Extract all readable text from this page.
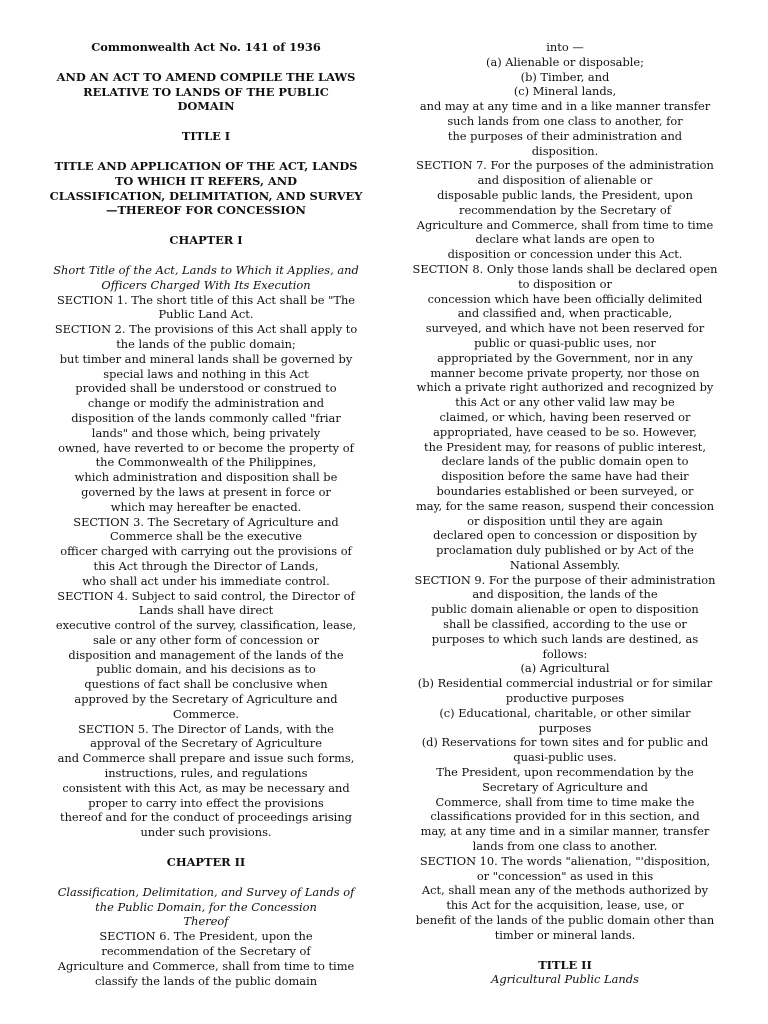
Commonwealth Act No. 141 of 1936
AND AN ACT TO AMEND COMPILE THE LAWS
RELATIVE TO LANDS OF THE PUBLIC
DOMAIN
TITLE I
TITLE AND APPLICATION OF THE ACT, LANDS
TO WHICH IT REFERS, AND
CLASSIFICATION, DELIMITATION, AND SURVEY
—THEREOF FOR CONCESSION
CHAPTER I
Short Title of the Act, Lands to Which it Applies, and
Officers Charged With Its Execution
SECTION 1. The short title of this Act shall be "The
Public Land Act.
SECTION 2. The provisions of this Act shall apply to
the lands of the public domain;
but timber and mineral lands shall be governed by
special laws and nothing in this Act
provided shall be understood or construed to
change or modify the administration and
disposition of the lands commonly called "friar
lands" and those which, being privately
owned, have reverted to or become the property of
the Commonwealth of the Philippines,
which administration and disposition shall be
governed by the laws at present in force or
which may hereafter be enacted.
SECTION 3. The Secretary of Agriculture and
Commerce shall be the executive
officer charged with carrying out the provisions of
this Act through the Director of Lands,
who shall act under his immediate control.
SECTION 4. Subject to said control, the Director of
Lands shall have direct
executive control of the survey, classification, lease,
sale or any other form of concession or
disposition and management of the lands of the
public domain, and his decisions as to
questions of fact shall be conclusive when
approved by the Secretary of Agriculture and
Commerce.
SECTION 5. The Director of Lands, with the
approval of the Secretary of Agriculture
and Commerce shall prepare and issue such forms,
instructions, rules, and regulations
consistent with this Act, as may be necessary and
proper to carry into effect the provisions
thereof and for the conduct of proceedings arising
under such provisions.
CHAPTER II
Classification, Delimitation, and Survey of Lands of
the Public Domain, for the Concession
Thereof
SECTION 6. The President, upon the
recommendation of the Secretary of
Agriculture and Commerce, shall from time to time
classify the lands of the public domain
into —
(a) Alienable or disposable;
(b) Timber, and
(c) Mineral lands,
and may at any time and in a like manner transfer
such lands from one class to another, for
the purposes of their administration and
disposition.
SECTION 7. For the purposes of the administration
and disposition of alienable or
disposable public lands, the President, upon
recommendation by the Secretary of
Agriculture and Commerce, shall from time to time
declare what lands are open to
disposition or concession under this Act.
SECTION 8. Only those lands shall be declared open
to disposition or
concession which have been officially delimited
and classified and, when practicable,
surveyed, and which have not been reserved for
public or quasi-public uses, nor
appropriated by the Government, nor in any
manner become private property, nor those on
which a private right authorized and recognized by
this Act or any other valid law may be
claimed, or which, having been reserved or
appropriated, have ceased to be so. However,
the President may, for reasons of public interest,
declare lands of the public domain open to
disposition before the same have had their
boundaries established or been surveyed, or
may, for the same reason, suspend their concession
or disposition until they are again
declared open to concession or disposition by
proclamation duly published or by Act of the
National Assembly.
SECTION 9. For the purpose of their administration
and disposition, the lands of the
public domain alienable or open to disposition
shall be classified, according to the use or
purposes to which such lands are destined, as
follows:
(a) Agricultural
(b) Residential commercial industrial or for similar
productive purposes
(c) Educational, charitable, or other similar
purposes
(d) Reservations for town sites and for public and
quasi-public uses.
The President, upon recommendation by the
Secretary of Agriculture and
Commerce, shall from time to time make the
classifications provided for in this section, and
may, at any time and in a similar manner, transfer
lands from one class to another.
SECTION 10. The words "alienation, "'disposition,
or "concession" as used in this
Act, shall mean any of the methods authorized by
this Act for the acquisition, lease, use, or
benefit of the lands of the public domain other than
timber or mineral lands.
TITLE II
Agricultural Public Lands
